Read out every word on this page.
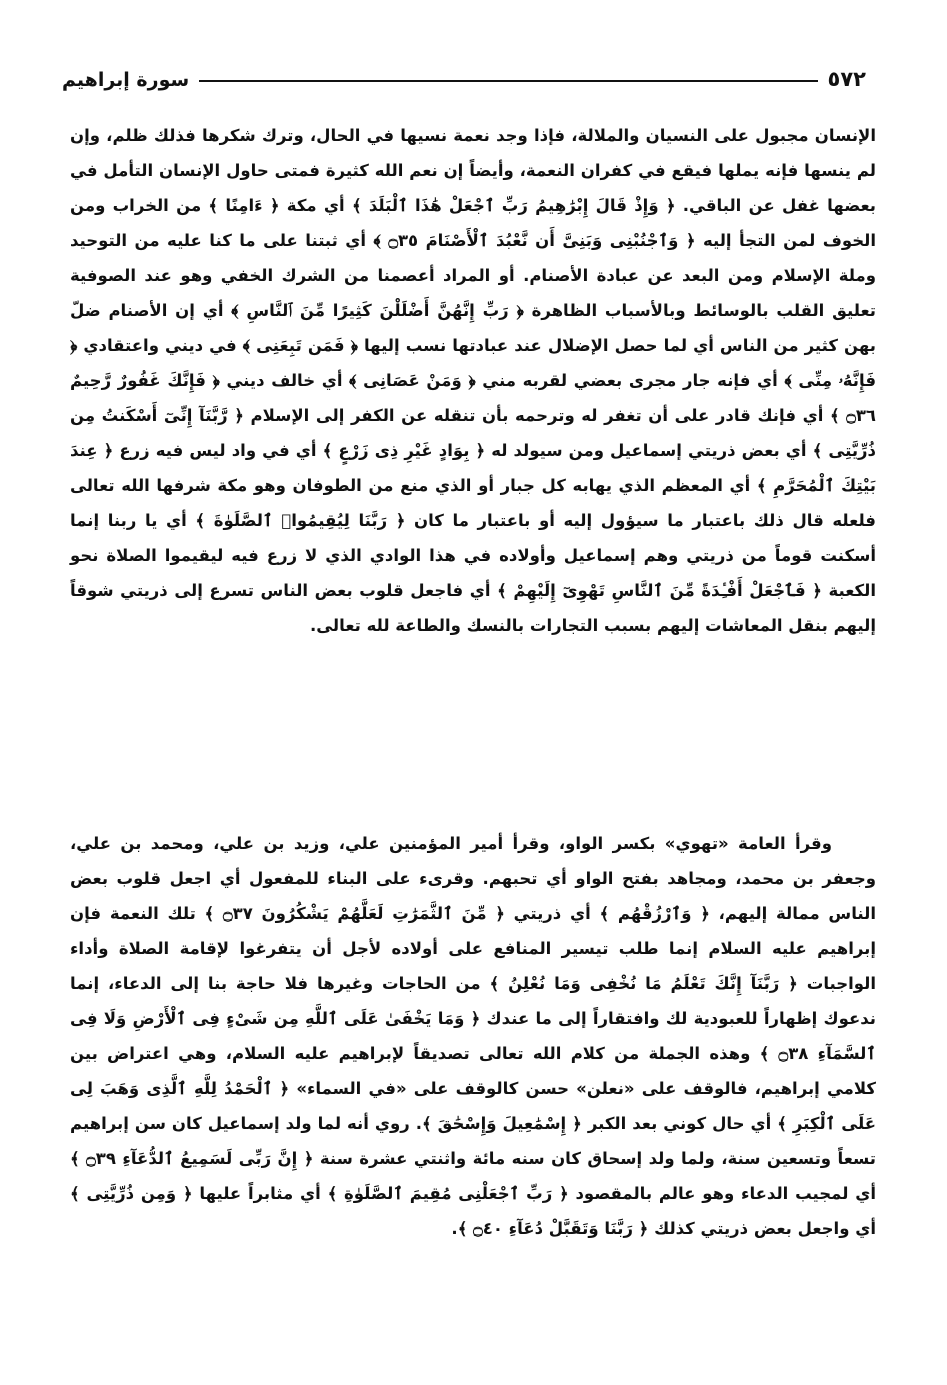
٥٧٢
سورة إبراهيم

الإنسان مجبول على النسيان والملالة، فإذا وجد نعمة نسيها في الحال، وترك شكرها فذلك ظلم، وإن لم ينسها فإنه يملها فيقع في كفران النعمة، وأيضاً إن نعم الله كثيرة فمتى حاول الإنسان التأمل في بعضها غفل عن الباقي. ﴿ وَإِذْ قَالَ إِبْرَٰهِيمُ رَبِّ ٱجْعَلْ هَٰذَا ٱلْبَلَدَ ﴾ أي مكة ﴿ ءَامِنًا ﴾ من الخراب ومن الخوف لمن التجأ إليه ﴿ وَٱجْنُبْنِى وَبَنِىَّ أَن نَّعْبُدَ ٱلْأَصْنَامَ ۝٣٥ ﴾ أي ثبتنا على ما كنا عليه من التوحيد وملة الإسلام ومن البعد عن عبادة الأصنام. أو المراد أعصمنا من الشرك الخفي وهو عند الصوفية تعليق القلب بالوسائط وبالأسباب الظاهرة ﴿ رَبِّ إِنَّهُنَّ أَضْلَلْنَ كَثِيرًا مِّنَ ٱلنَّاسِ ﴾ أي إن الأصنام ضلّ بهن كثير من الناس أي لما حصل الإضلال عند عبادتها نسب إليها ﴿ فَمَن تَبِعَنِى ﴾ في ديني واعتقادي ﴿ فَإِنَّهُۥ مِنِّى ﴾ أي فإنه جار مجرى بعضي لقربه مني ﴿ وَمَنْ عَصَانِى ﴾ أي خالف ديني ﴿ فَإِنَّكَ غَفُورٌ رَّحِيمٌ ۝٣٦ ﴾ أي فإنك قادر على أن تغفر له وترحمه بأن تنقله عن الكفر إلى الإسلام ﴿ رَّبَّنَآ إِنِّىٓ أَسْكَنتُ مِن ذُرِّيَّتِى ﴾ أي بعض ذريتي إسماعيل ومن سيولد له ﴿ بِوَادٍ غَيْرِ ذِى زَرْعٍ ﴾ أي في واد ليس فيه زرع ﴿ عِندَ بَيْتِكَ ٱلْمُحَرَّمِ ﴾ أي المعظم الذي يهابه كل جبار أو الذي منع من الطوفان وهو مكة شرفها الله تعالى فلعله قال ذلك باعتبار ما سيؤول إليه أو باعتبار ما كان ﴿ رَبَّنَا لِيُقِيمُوا۟ ٱلصَّلَوٰةَ ﴾ أي يا ربنا إنما أسكنت قوماً من ذريتي وهم إسماعيل وأولاده في هذا الوادي الذي لا زرع فيه ليقيموا الصلاة نحو الكعبة ﴿ فَٱجْعَلْ أَفْـِٔدَةً مِّنَ ٱلنَّاسِ تَهْوِىٓ إِلَيْهِمْ ﴾ أي فاجعل قلوب بعض الناس تسرع إلى ذريتي شوقاً إليهم بنقل المعاشات إليهم بسبب التجارات بالنسك والطاعة لله تعالى.

وقرأ العامة «تهوي» بكسر الواو، وقرأ أمير المؤمنين علي، وزيد بن علي، ومحمد بن علي، وجعفر بن محمد، ومجاهد بفتح الواو أي تحبهم. وقرىء على البناء للمفعول أي اجعل قلوب بعض الناس ممالة إليهم، ﴿ وَٱرْزُقْهُم ﴾ أي ذريتي ﴿ مِّنَ ٱلثَّمَرَٰتِ لَعَلَّهُمْ يَشْكُرُونَ ۝٣٧ ﴾ تلك النعمة فإن إبراهيم عليه السلام إنما طلب تيسير المنافع على أولاده لأجل أن يتفرغوا لإقامة الصلاة وأداء الواجبات ﴿ رَبَّنَآ إِنَّكَ تَعْلَمُ مَا نُخْفِى وَمَا نُعْلِنُ ﴾ من الحاجات وغيرها فلا حاجة بنا إلى الدعاء، إنما ندعوك إظهاراً للعبودية لك وافتقاراً إلى ما عندك ﴿ وَمَا يَخْفَىٰ عَلَى ٱللَّهِ مِن شَىْءٍ فِى ٱلْأَرْضِ وَلَا فِى ٱلسَّمَآءِ ۝٣٨ ﴾ وهذه الجملة من كلام الله تعالى تصديقاً لإبراهيم عليه السلام، وهي اعتراض بين كلامي إبراهيم، فالوقف على «نعلن» حسن كالوقف على «في السماء» ﴿ ٱلْحَمْدُ لِلَّهِ ٱلَّذِى وَهَبَ لِى عَلَى ٱلْكِبَرِ ﴾ أي حال كوني بعد الكبر ﴿ إِسْمَٰعِيلَ وَإِسْحَٰقَ ﴾. روي أنه لما ولد إسماعيل كان سن إبراهيم تسعاً وتسعين سنة، ولما ولد إسحاق كان سنه مائة واثنتي عشرة سنة ﴿ إِنَّ رَبِّى لَسَمِيعُ ٱلدُّعَآءِ ۝٣٩ ﴾ أي لمجيب الدعاء وهو عالم بالمقصود ﴿ رَبِّ ٱجْعَلْنِى مُقِيمَ ٱلصَّلَوٰةِ ﴾ أي مثابراً عليها ﴿ وَمِن ذُرِّيَّتِى ﴾ أي واجعل بعض ذريتي كذلك ﴿ رَبَّنَا وَتَقَبَّلْ دُعَآءِ ۝٤٠ ﴾.
